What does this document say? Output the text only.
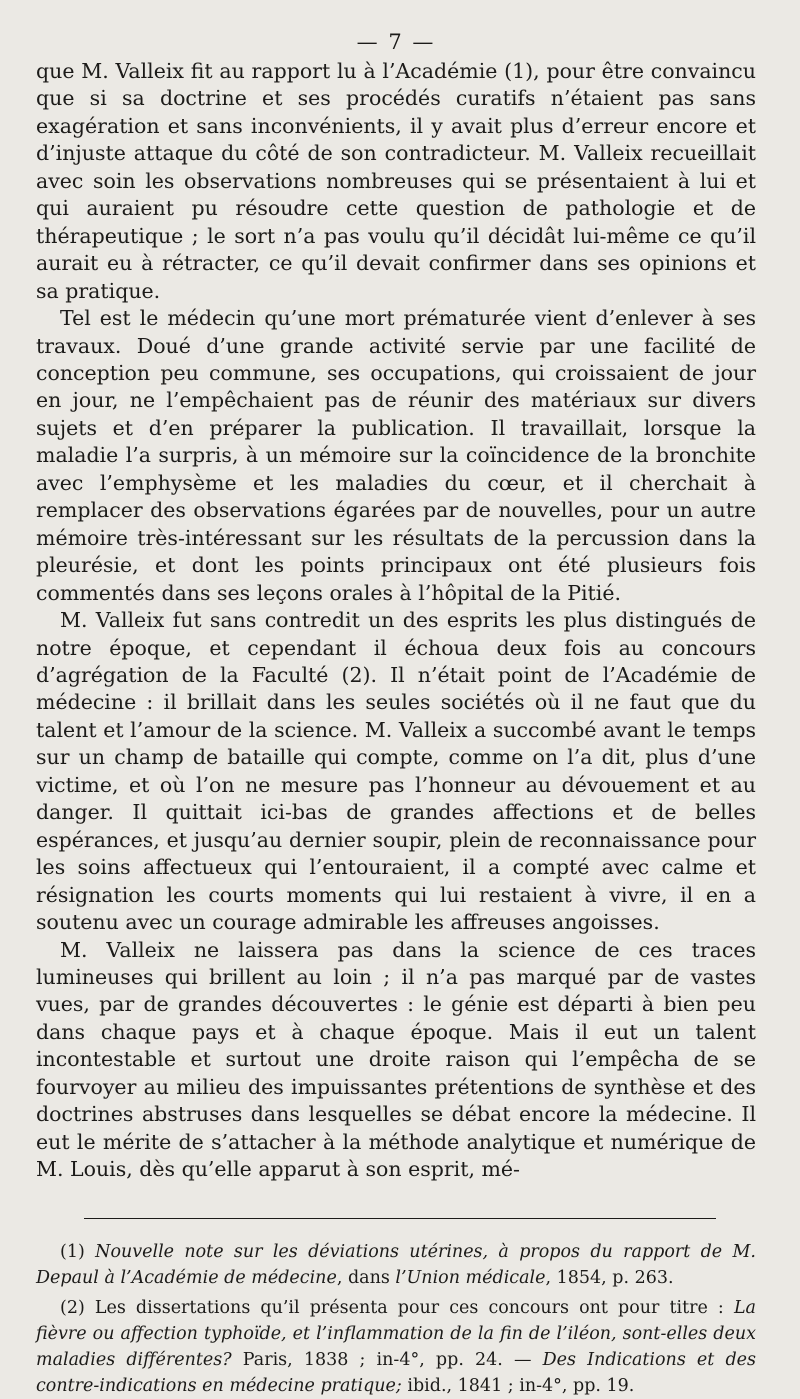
— 7 —

que M. Valleix fit au rapport lu à l’Académie (1), pour être convaincu que si sa doctrine et ses procédés curatifs n’étaient pas sans exagération et sans inconvénients, il y avait plus d’erreur encore et d’injuste attaque du côté de son contradicteur. M. Valleix recueillait avec soin les observations nombreuses qui se présentaient à lui et qui auraient pu résoudre cette question de pathologie et de thérapeutique ; le sort n’a pas voulu qu’il décidât lui-même ce qu’il aurait eu à rétracter, ce qu’il devait confirmer dans ses opinions et sa pratique.

Tel est le médecin qu’une mort prématurée vient d’enlever à ses travaux. Doué d’une grande activité servie par une facilité de conception peu commune, ses occupations, qui croissaient de jour en jour, ne l’empêchaient pas de réunir des matériaux sur divers sujets et d’en préparer la publication. Il travaillait, lorsque la maladie l’a surpris, à un mémoire sur la coïncidence de la bronchite avec l’emphysème et les maladies du cœur, et il cherchait à remplacer des observations égarées par de nouvelles, pour un autre mémoire très-intéressant sur les résultats de la percussion dans la pleurésie, et dont les points principaux ont été plusieurs fois commentés dans ses leçons orales à l’hôpital de la Pitié.

M. Valleix fut sans contredit un des esprits les plus distingués de notre époque, et cependant il échoua deux fois au concours d’agrégation de la Faculté (2). Il n’était point de l’Académie de médecine : il brillait dans les seules sociétés où il ne faut que du talent et l’amour de la science. M. Valleix a succombé avant le temps sur un champ de bataille qui compte, comme on l’a dit, plus d’une victime, et où l’on ne mesure pas l’honneur au dévouement et au danger. Il quittait ici-bas de grandes affections et de belles espérances, et jusqu’au dernier soupir, plein de reconnaissance pour les soins affectueux qui l’entouraient, il a compté avec calme et résignation les courts moments qui lui restaient à vivre, il en a soutenu avec un courage admirable les affreuses angoisses.

M. Valleix ne laissera pas dans la science de ces traces lumineuses qui brillent au loin ; il n’a pas marqué par de vastes vues, par de grandes découvertes : le génie est départi à bien peu dans chaque pays et à chaque époque. Mais il eut un talent incontestable et surtout une droite raison qui l’empêcha de se fourvoyer au milieu des impuissantes prétentions de synthèse et des doctrines abstruses dans lesquelles se débat encore la médecine. Il eut le mérite de s’attacher à la méthode analytique et numérique de M. Louis, dès qu’elle apparut à son esprit, mé-

(1) Nouvelle note sur les déviations utérines, à propos du rapport de M. Depaul à l’Académie de médecine, dans l’Union médicale, 1854, p. 263.

(2) Les dissertations qu’il présenta pour ces concours ont pour titre : La fièvre ou affection typhoïde, et l’inflammation de la fin de l’iléon, sont-elles deux maladies différentes? Paris, 1838 ; in-4°, pp. 24. — Des Indications et des contre-indications en médecine pratique; ibid., 1841 ; in-4°, pp. 19.
